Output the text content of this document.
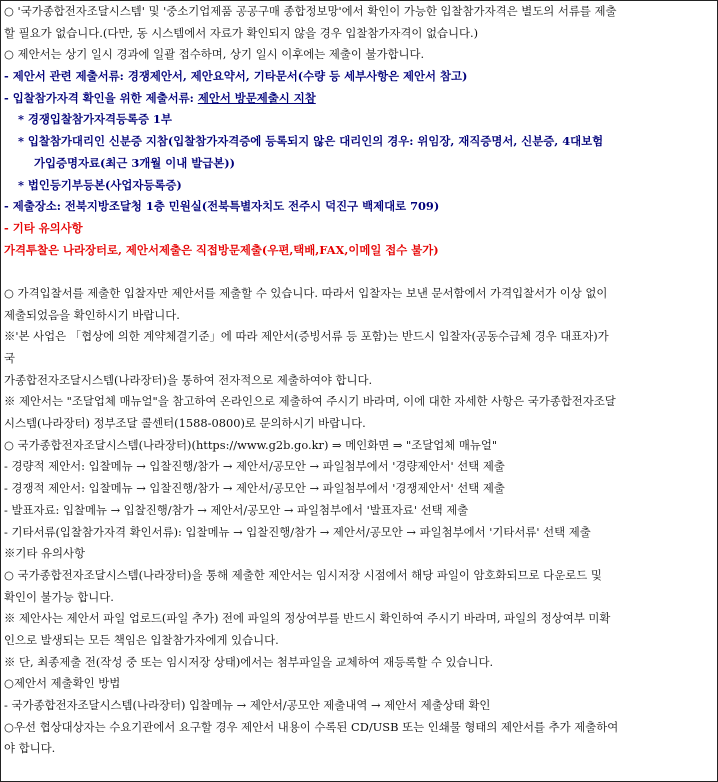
○ '국가종합전자조달시스템' 및 '중소기업제품 공공구매 종합정보망'에서 확인이 가능한 입찰참가자격은 별도의 서류를 제출
할 필요가 없습니다.(다만, 동 시스템에서 자료가 확인되지 않을 경우 입찰참가자격이 없습니다.)
○ 제안서는 상기 일시 경과에 일괄 접수하며, 상기 일시 이후에는 제출이 불가합니다.
- 제안서 관련 제출서류: 경쟁제안서, 제안요약서, 기타문서(수량 등 세부사항은 제안서 참고)
- 입찰참가자격 확인을 위한 제출서류: 제안서 방문제출시 지참
* 경쟁입찰참가자격등록증 1부
* 입찰참가대리인 신분증 지참(입찰참가자격증에 등록되지 않은 대리인의 경우: 위임장, 재직증명서, 신분증, 4대보험
가입증명자료(최근 3개월 이내 발급본))
* 법인등기부등본(사업자등록증)
- 제출장소: 전북지방조달청 1층 민원실(전북특별자치도 전주시 덕진구 백제대로 709)
- 기타 유의사항
가격투찰은 나라장터로, 제안서제출은 직접방문제출(우편,택배,FAX,이메일 접수 불가)
○ 가격입찰서를 제출한 입찰자만 제안서를 제출할 수 있습니다. 따라서 입찰자는 보낸 문서함에서 가격입찰서가 이상 없이
제출되었음을 확인하시기 바랍니다.
※'본 사업은 「협상에 의한 계약체결기준」에 따라 제안서(증빙서류 등 포함)는 반드시 입찰자(공동수급체 경우 대표자)가
국
가종합전자조달시스템(나라장터)을 통하여 전자적으로 제출하여야 합니다.
※ 제안서는 "조달업체 매뉴얼"을 참고하여 온라인으로 제출하여 주시기 바라며, 이에 대한 자세한 사항은 국가종합전자조달
시스템(나라장터) 정부조달 콜센터(1588-0800)로 문의하시기 바랍니다.
○ 국가종합전자조달시스템(나라장터)(https://www.g2b.go.kr) ⇒ 메인화면 ⇒ "조달업체 매뉴얼"
- 경량적 제안서: 입찰메뉴 → 입찰진행/참가 → 제안서/공모안 → 파일첨부에서 '경량제안서' 선택 제출
- 경쟁적 제안서: 입찰메뉴 → 입찰진행/참가 → 제안서/공모안 → 파일첨부에서 '경쟁제안서' 선택 제출
- 발표자료: 입찰메뉴 → 입찰진행/참가 → 제안서/공모안 → 파일첨부에서 '발표자료' 선택 제출
- 기타서류(입찰참가자격 확인서류): 입찰메뉴 → 입찰진행/참가 → 제안서/공모안 → 파일첨부에서 '기타서류' 선택 제출
※기타 유의사항
○ 국가종합전자조달시스템(나라장터)을 통해 제출한 제안서는 임시저장 시점에서 해당 파일이 암호화되므로 다운로드 및
확인이 불가능 합니다.
※ 제안사는 제안서 파일 업로드(파일 추가) 전에 파일의 정상여부를 반드시 확인하여 주시기 바라며, 파일의 정상여부 미확
인으로 발생되는 모든 책임은 입찰참가자에게 있습니다.
※ 단, 최종제출 전(작성 중 또는 임시저장 상태)에서는 첨부파일을 교체하여 재등록할 수 있습니다.
○제안서 제출확인 방법
- 국가종합전자조달시스템(나라장터) 입찰메뉴 → 제안서/공모안 제출내역 → 제안서 제출상태 확인
○우선 협상대상자는 수요기관에서 요구할 경우 제안서 내용이 수록된 CD/USB 또는 인쇄물 형태의 제안서를 추가 제출하여
야 합니다.
